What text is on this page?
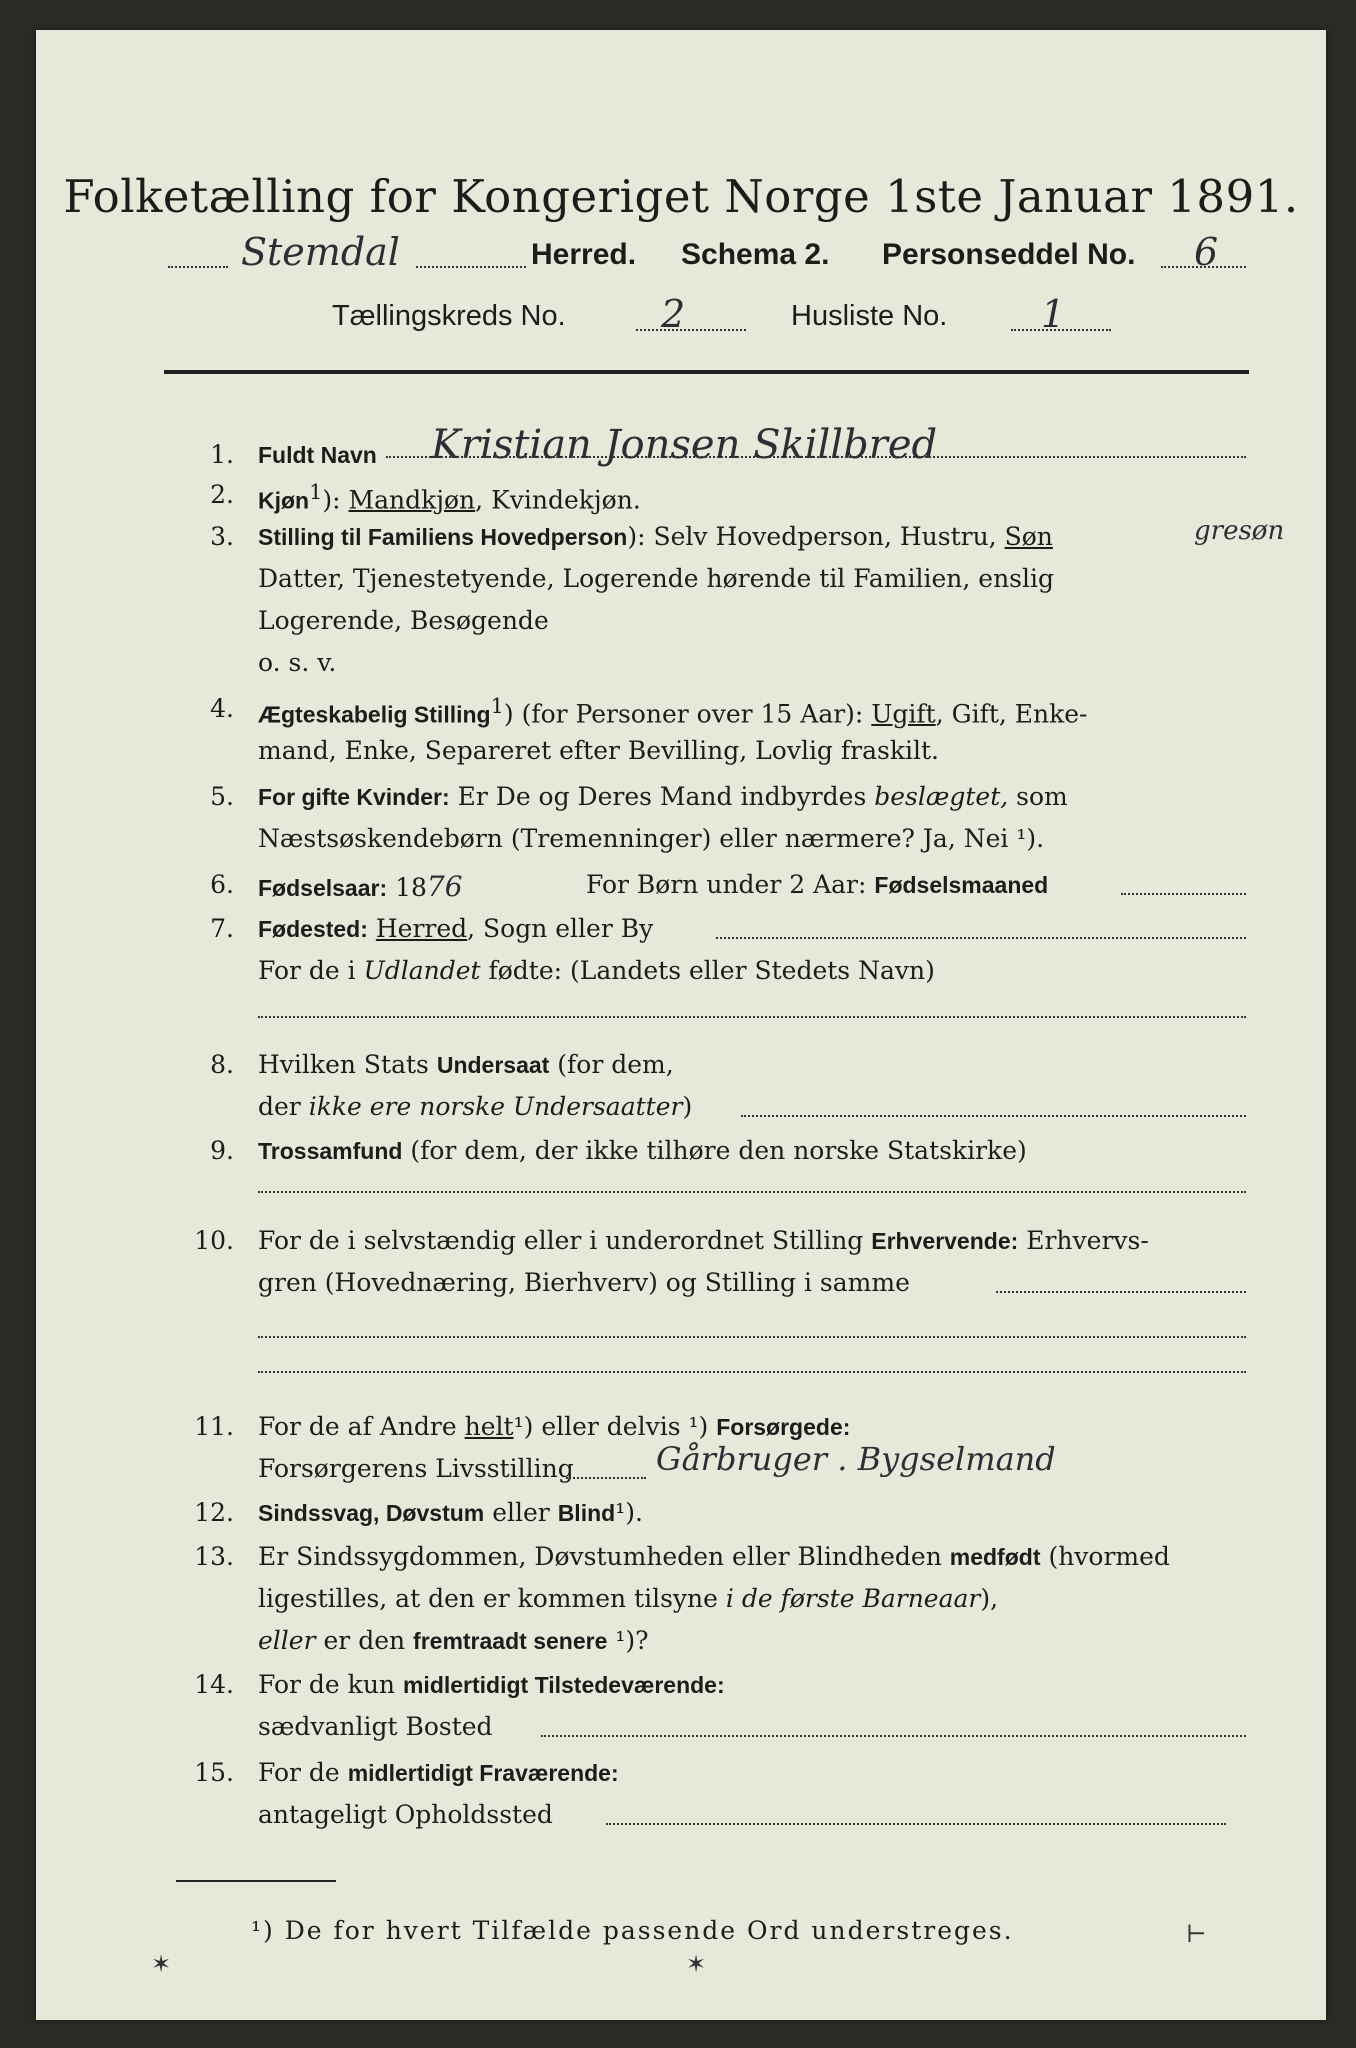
Folketælling for Kongeriget Norge 1ste Januar 1891.
Stemdal	Herred. Schema 2. Personseddel No. 6
Tællingskreds No.	2	Husliste No. 1
1. Fuldt Navn Kristian Jonsen Skillbred
2. Kjøn$^1$): Mandkjøn, Kvindekjøn.
3. Stilling til Familiens Hovedperson): Selv Hovedperson, Hustru, Søn	gresøn
Datter, Tjenestetyende, Logerende hørende til Familien, enslig
Logerende, Besøgende
o. s. v.
4. Ægteskabelig Stilling$^1$) (for Personer over 15 Aar): Ugift, Gift, Enke-
mand, Enke, Separeret efter Bevilling, Lovlig fraskilt.
5. For gifte Kvinder: Er De og Deres Mand indbyrdes beslægtet, som
Næstsøskendebørn (Tremenninger) eller nærmere? Ja, Nei ¹).
6. Fødselsaar: 1876	For Børn under 2 Aar: Fødselsmaaned
7. Fødested: Herred, Sogn eller By
For de i Udlandet fødte: (Landets eller Stedets Navn)
8. Hvilken Stats Undersaat (for dem,
der ikke ere norske Undersaatter)
9. Trossamfund (for dem, der ikke tilhøre den norske Statskirke)
10. For de i selvstændig eller i underordnet Stilling Erhvervende: Erhvervs-
gren (Hovednæring, Bierhverv) og Stilling i samme
11. For de af Andre helt¹) eller delvis ¹) Forsørgede:
Forsørgerens Livsstilling	Gårbruger . Bygselmand
12. Sindssvag, Døvstum eller Blind¹).
13. Er Sindssygdommen, Døvstumheden eller Blindheden medfødt (hvormed
ligestilles, at den er kommen tilsyne i de første Barneaar),
eller er den fremtraadt senere ¹)?
14. For de kun midlertidigt Tilstedeværende:
sædvanligt Bosted
15. For de midlertidigt Fraværende:
antageligt Opholdssted
¹) De for hvert Tilfælde passende Ord understreges.
✶	✶
⊢
